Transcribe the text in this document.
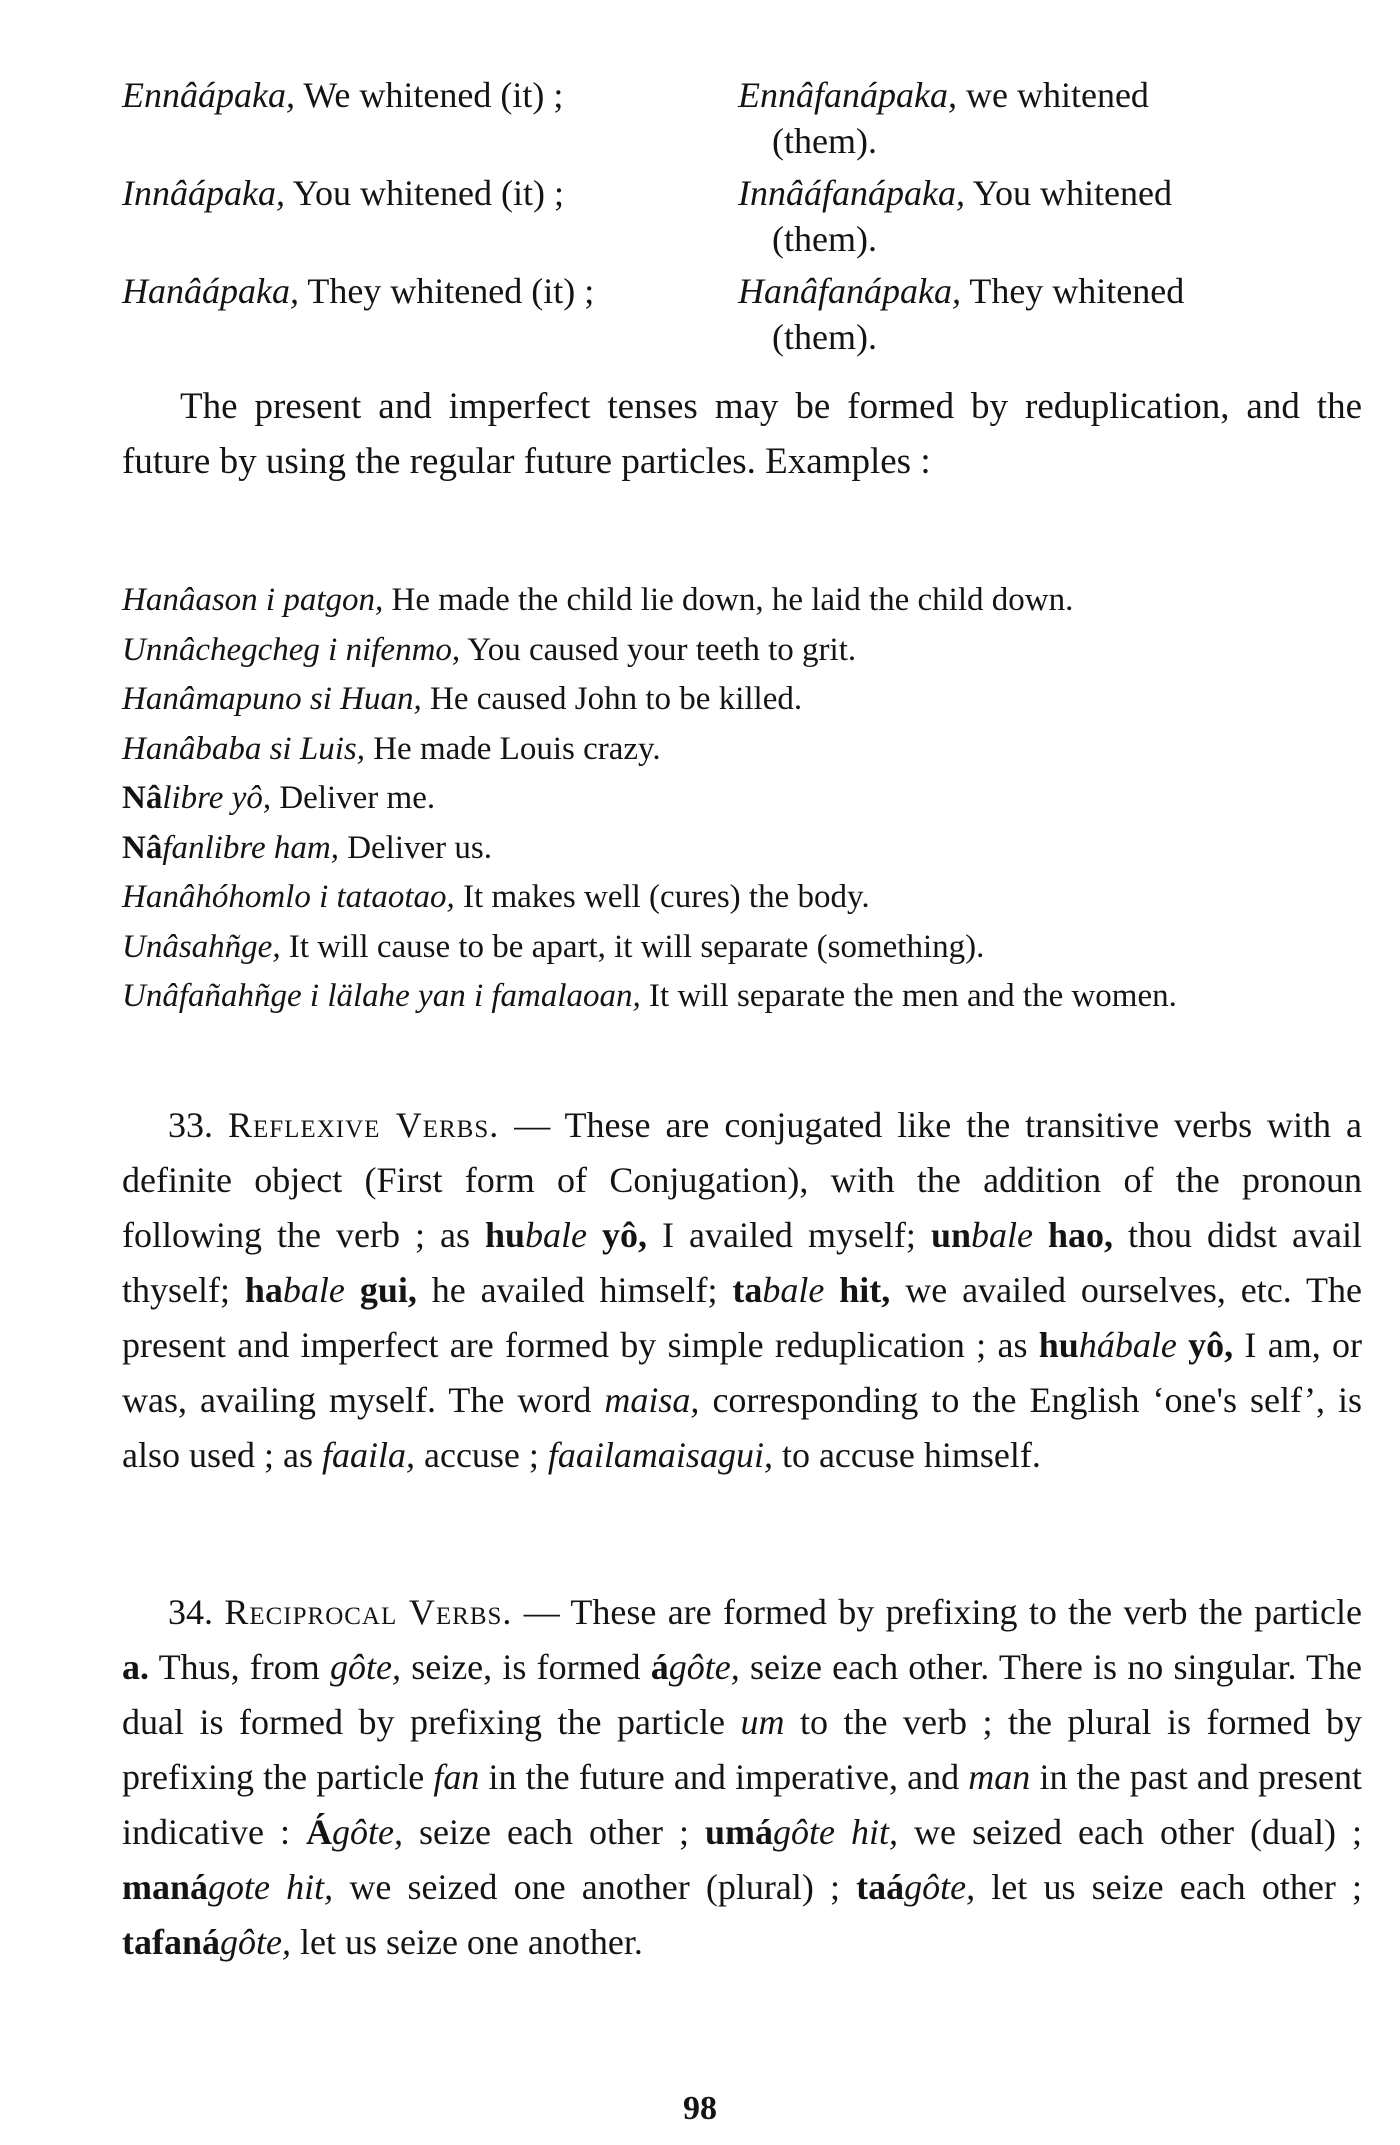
Ennâápaka, We whitened (it) ;	Ennâfanápaka, we whitened
(them).
Innâápaka, You whitened (it) ;	Innâáfanápaka, You whitened
(them).
Hanâápaka, They whitened (it) ;	Hanâfanápaka, They whitened
(them).

The present and imperfect tenses may be formed by reduplication, and the future by using the regular future particles. Examples :

Hanâason i patgon, He made the child lie down, he laid the child down.

Unnâchegcheg i nifenmo, You caused your teeth to grit.

Hanâmapuno si Huan, He caused John to be killed.

Hanâbaba si Luis, He made Louis crazy.

Nâlibre yô, Deliver me.

Nâfanlibre ham, Deliver us.

Hanâhóhomlo i tataotao, It makes well (cures) the body.

Unâsahñge, It will cause to be apart, it will separate (something).

Unâfañahñge i lälahe yan i famalaoan, It will separate the men and the women.

33. Reflexive Verbs. — These are conjugated like the transitive verbs with a definite object (First form of Conjugation), with the addition of the pronoun following the verb ; as hubale yô, I availed myself; unbale hao, thou didst avail thyself; habale gui, he availed himself; tabale hit, we availed ourselves, etc. The present and imperfect are formed by simple reduplication ; as huhábale yô, I am, or was, availing myself. The word maisa, corresponding to the English ‘one's self’, is also used ; as faaila, accuse ; faailamaisagui, to accuse himself.

34. Reciprocal Verbs. — These are formed by prefixing to the verb the particle a. Thus, from gôte, seize, is formed ágôte, seize each other. There is no singular. The dual is formed by prefixing the particle um to the verb ; the plural is formed by prefixing the particle fan in the future and imperative, and man in the past and present indicative : Ágôte, seize each other ; umágôte hit, we seized each other (dual) ; manágote hit, we seized one another (plural) ; taágôte, let us seize each other ; tafanágôte, let us seize one another.

98
